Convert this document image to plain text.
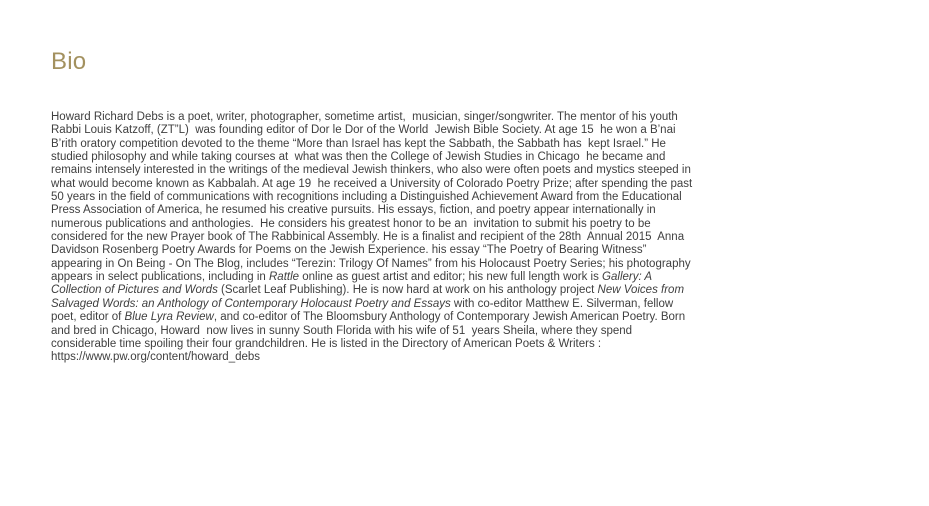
Bio

Howard Richard Debs is a poet, writer, photographer, sometime artist,  musician, singer/songwriter. The mentor of his youth Rabbi Louis Katzoff, (ZT”L)  was founding editor of Dor le Dor of the World  Jewish Bible Society. At age 15  he won a B’nai B’rith oratory competition devoted to the theme “More than Israel has kept the Sabbath, the Sabbath has  kept Israel.” He studied philosophy and while taking courses at  what was then the College of Jewish Studies in Chicago  he became and remains intensely interested in the writings of the medieval Jewish thinkers, who also were often poets and mystics steeped in what would become known as Kabbalah. At age 19  he received a University of Colorado Poetry Prize; after spending the past 50 years in the field of communications with recognitions including a Distinguished Achievement Award from the Educational Press Association of America, he resumed his creative pursuits. His essays, fiction, and poetry appear internationally in numerous publications and anthologies.  He considers his greatest honor to be an  invitation to submit his poetry to be considered for the new Prayer book of The Rabbinical Assembly. He is a finalist and recipient of the 28th  Annual 2015  Anna Davidson Rosenberg Poetry Awards for Poems on the Jewish Experience. his essay “The Poetry of Bearing Witness” appearing in On Being - On The Blog, includes “Terezin: Trilogy Of Names” from his Holocaust Poetry Series; his photography appears in select publications, including in Rattle online as guest artist and editor; his new full length work is Gallery: A Collection of Pictures and Words (Scarlet Leaf Publishing). He is now hard at work on his anthology project New Voices from Salvaged Words: an Anthology of Contemporary Holocaust Poetry and Essays with co-editor Matthew E. Silverman, fellow poet, editor of Blue Lyra Review, and co-editor of The Bloomsbury Anthology of Contemporary Jewish American Poetry. Born and bred in Chicago, Howard  now lives in sunny South Florida with his wife of 51  years Sheila, where they spend considerable time spoiling their four grandchildren. He is listed in the Directory of American Poets & Writers : https://www.pw.org/content/howard_debs
